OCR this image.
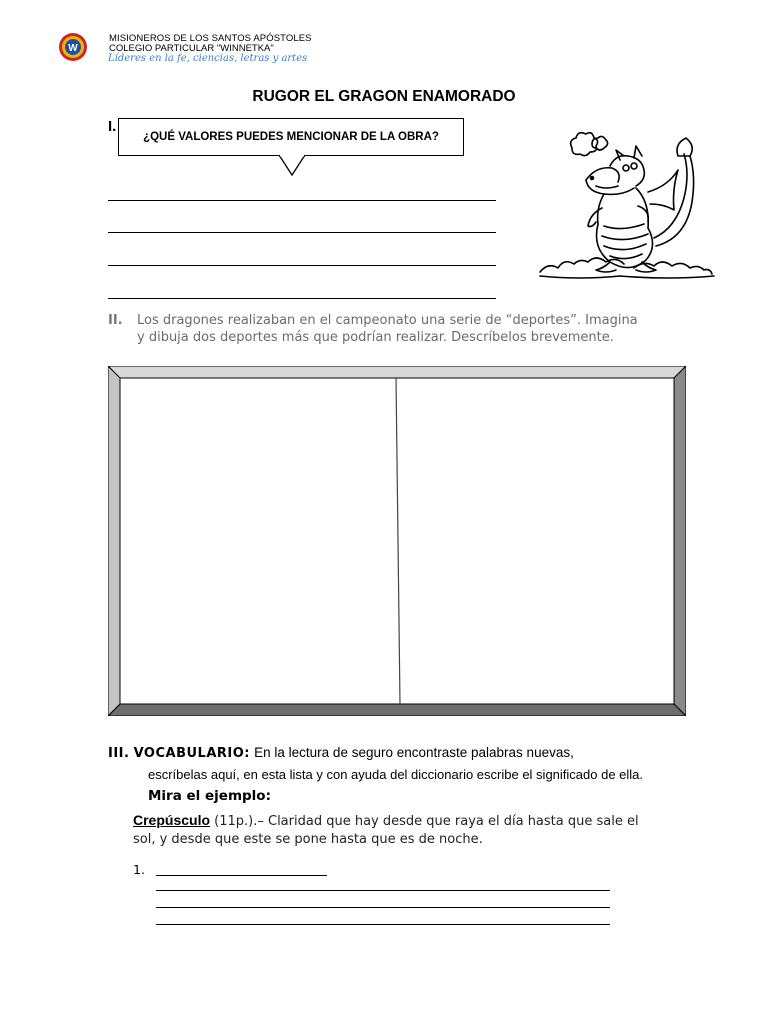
W
MISIONEROS DE LOS SANTOS APÓSTOLES
COLEGIO PARTICULAR "WINNETKA"
Líderes en la fe, ciencias, letras y artes
RUGOR EL GRAGON ENAMORADO
I.
¿QUÉ VALORES PUEDES MENCIONAR DE LA OBRA?
II. Los dragones realizaban en el campeonato una serie de “deportes”. Imagina y dibuja dos deportes más que podrían realizar. Descríbelos brevemente.
III. VOCABULARIO: En la lectura de seguro encontraste palabras nuevas,
escríbelas aquí, en esta lista y con ayuda del diccionario escribe el significado de ella. Mira el ejemplo:
Crepúsculo (11p.).– Claridad que hay desde que raya el día hasta que sale el sol, y desde que este se pone hasta que es de noche.
1.
